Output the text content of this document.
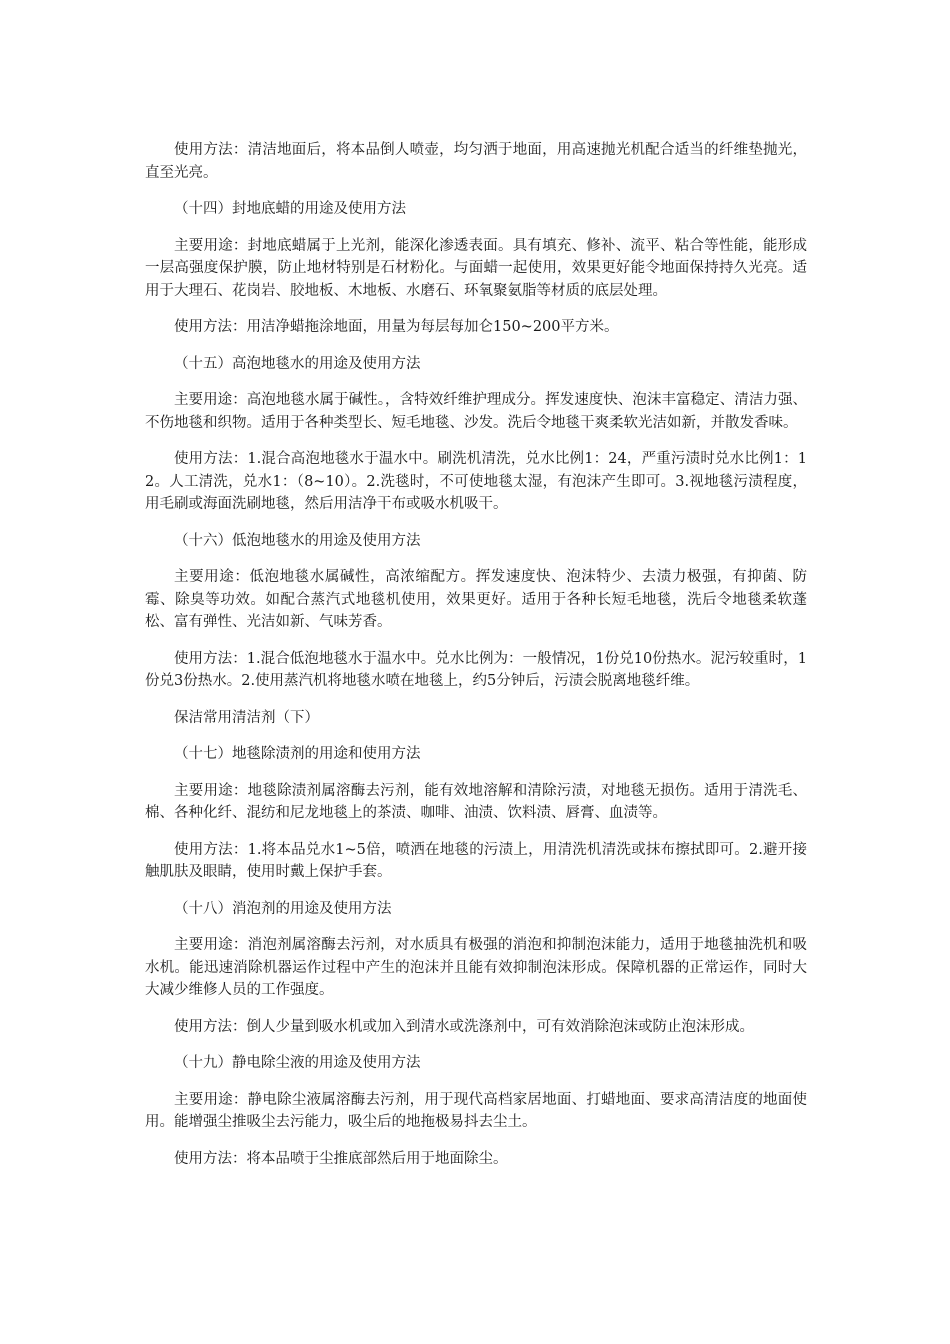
使用方法：清洁地面后，将本品倒人喷壶，均匀洒于地面，用高速抛光机配合适当的纤维垫抛光，直至光亮。

（十四）封地底蜡的用途及使用方法

主要用途：封地底蜡属于上光剂，能深化渗透表面。具有填充、修补、流平、粘合等性能，能形成一层高强度保护膜，防止地材特别是石材粉化。与面蜡一起使用，效果更好能令地面保持持久光亮。适用于大理石、花岗岩、胶地板、木地板、水磨石、环氧聚氨脂等材质的底层处理。

使用方法：用洁净蜡拖涂地面，用量为每层每加仑150~200平方米。

（十五）高泡地毯水的用途及使用方法

主要用途：高泡地毯水属于碱性。，含特效纤维护理成分。挥发速度快、泡沫丰富稳定、清洁力强、不伤地毯和织物。适用于各种类型长、短毛地毯、沙发。洗后令地毯干爽柔软光洁如新，并散发香味。

使用方法：1.混合高泡地毯水于温水中。刷洗机清洗，兑水比例1：24，严重污渍时兑水比例1：12。人工清洗，兑水1：（8~10）。2.洗毯时，不可使地毯太湿，有泡沫产生即可。3.视地毯污渍程度，用毛刷或海面洗刷地毯，然后用洁净干布或吸水机吸干。

（十六）低泡地毯水的用途及使用方法

主要用途：低泡地毯水属碱性，高浓缩配方。挥发速度快、泡沫特少、去渍力极强，有抑菌、防霉、除臭等功效。如配合蒸汽式地毯机使用，效果更好。适用于各种长短毛地毯，洗后令地毯柔软蓬松、富有弹性、光洁如新、气味芳香。

使用方法：1.混合低泡地毯水于温水中。兑水比例为：一般情况，1份兑10份热水。泥污较重时，1份兑3份热水。2.使用蒸汽机将地毯水喷在地毯上，约5分钟后，污渍会脱离地毯纤维。

保洁常用清洁剂（下）

（十七）地毯除渍剂的用途和使用方法

主要用途：地毯除渍剂属溶酶去污剂，能有效地溶解和清除污渍，对地毯无损伤。适用于清洗毛、棉、各种化纤、混纺和尼龙地毯上的茶渍、咖啡、油渍、饮料渍、唇膏、血渍等。

使用方法：1.将本品兑水1~5倍，喷洒在地毯的污渍上，用清洗机清洗或抹布擦拭即可。2.避开接触肌肤及眼睛，使用时戴上保护手套。

（十八）消泡剂的用途及使用方法

主要用途：消泡剂属溶酶去污剂，对水质具有极强的消泡和抑制泡沫能力，适用于地毯抽洗机和吸水机。能迅速消除机器运作过程中产生的泡沫并且能有效抑制泡沫形成。保障机器的正常运作，同时大大减少维修人员的工作强度。

使用方法：倒人少量到吸水机或加入到清水或洗涤剂中，可有效消除泡沫或防止泡沫形成。

（十九）静电除尘液的用途及使用方法

主要用途：静电除尘液属溶酶去污剂，用于现代高档家居地面、打蜡地面、要求高清洁度的地面使用。能增强尘推吸尘去污能力，吸尘后的地拖极易抖去尘土。

使用方法：将本品喷于尘推底部然后用于地面除尘。
